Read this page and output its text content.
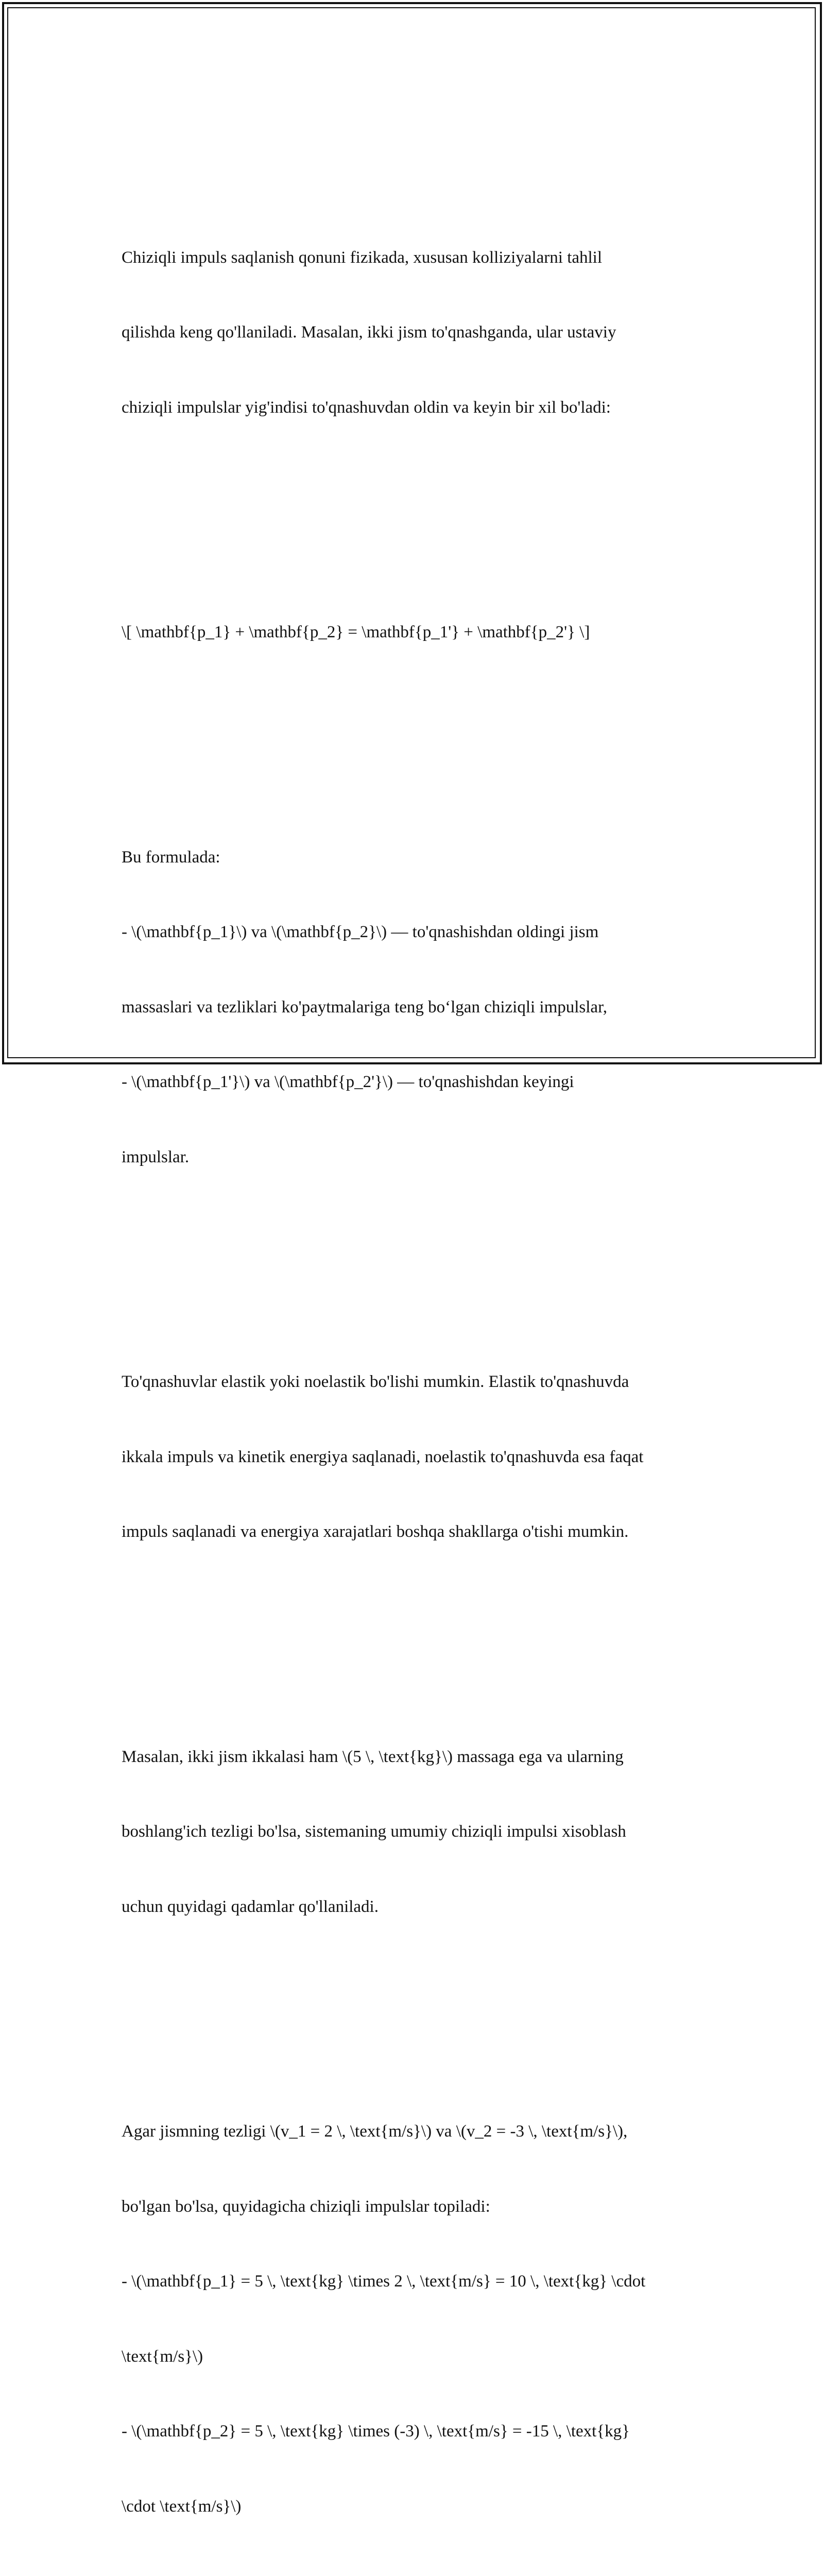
Chiziqli impuls saqlanish qonuni fizikada, xususan kolliziyalarni tahlil

qilishda keng qo'llaniladi. Masalan, ikki jism to'qnashganda, ular ustaviy

chiziqli impulslar yig'indisi to'qnashuvdan oldin va keyin bir xil bo'ladi:

\[ \mathbf{p_1} + \mathbf{p_2} = \mathbf{p_1'} + \mathbf{p_2'} \]

Bu formulada:

- \(\mathbf{p_1}\) va \(\mathbf{p_2}\) — to'qnashishdan oldingi jism

massaslari va tezliklari ko'paytmalariga teng bo‘lgan chiziqli impulslar,

- \(\mathbf{p_1'}\) va \(\mathbf{p_2'}\) — to'qnashishdan keyingi

impulslar.

To'qnashuvlar elastik yoki noelastik bo'lishi mumkin. Elastik to'qnashuvda

ikkala impuls va kinetik energiya saqlanadi, noelastik to'qnashuvda esa faqat

impuls saqlanadi va energiya xarajatlari boshqa shakllarga o'tishi mumkin.

Masalan, ikki jism ikkalasi ham \(5 \, \text{kg}\) massaga ega va ularning

boshlang'ich tezligi bo'lsa, sistemaning umumiy chiziqli impulsi xisoblash

uchun quyidagi qadamlar qo'llaniladi.

Agar jismning tezligi \(v_1 = 2 \, \text{m/s}\) va \(v_2 = -3 \, \text{m/s}\),

bo'lgan bo'lsa, quyidagicha chiziqli impulslar topiladi:

- \(\mathbf{p_1} = 5 \, \text{kg} \times 2 \, \text{m/s} = 10 \, \text{kg} \cdot

\text{m/s}\)

- \(\mathbf{p_2} = 5 \, \text{kg} \times (-3) \, \text{m/s} = -15 \, \text{kg}

\cdot \text{m/s}\)
